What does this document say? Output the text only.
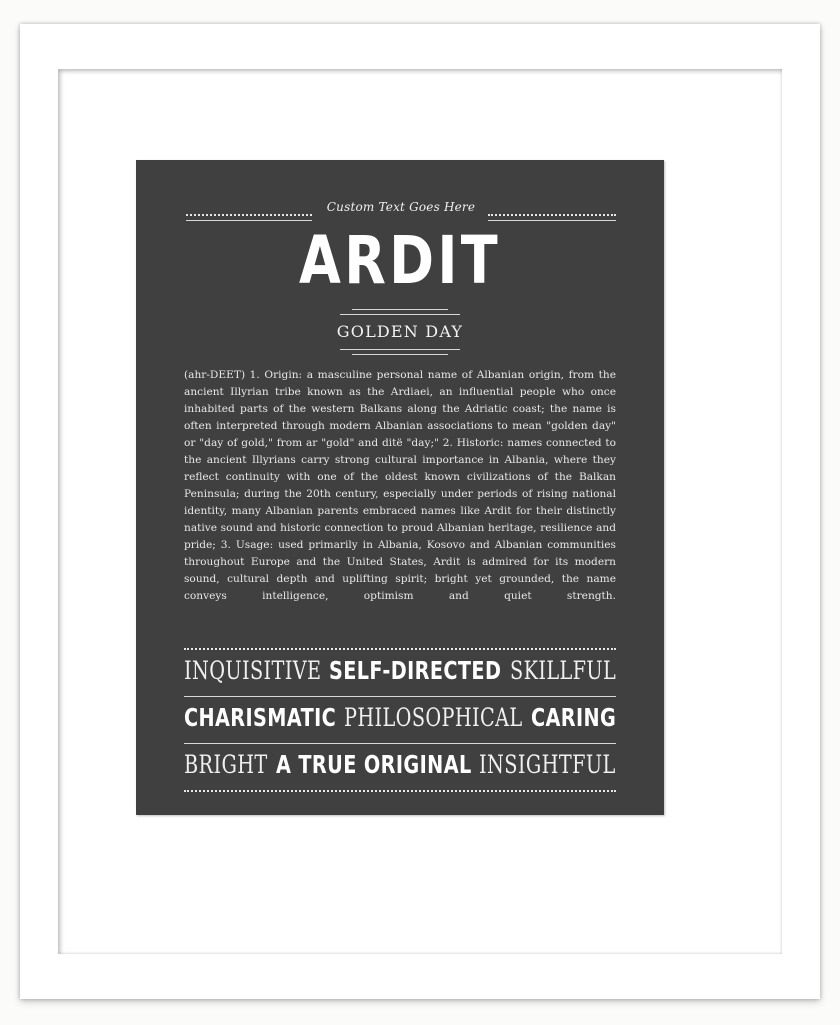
Custom Text Goes Here
ARDIT
GOLDEN DAY
(ahr-DEET) 1. Origin: a masculine personal name of Albanian origin, from the ancient Illyrian tribe known as the Ardiaei, an influential people who once inhabited parts of the western Balkans along the Adriatic coast; the name is often interpreted through modern Albanian associations to mean "golden day" or "day of gold," from ar "gold" and ditë "day;" 2. Historic: names connected to the ancient Illyrians carry strong cultural importance in Albania, where they reflect continuity with one of the oldest known civilizations of the Balkan Peninsula; during the 20th century, especially under periods of rising national identity, many Albanian parents embraced names like Ardit for their distinctly native sound and historic connection to proud Albanian heritage, resilience and pride; 3. Usage: used primarily in Albania, Kosovo and Albanian communities throughout Europe and the United States, Ardit is admired for its modern sound, cultural depth and uplifting spirit; bright yet grounded, the name conveys intelligence, optimism and quiet strength.
INQUISITIVE SELF-DIRECTED SKILLFUL
CHARISMATIC PHILOSOPHICAL CARING
BRIGHT A TRUE ORIGINAL INSIGHTFUL
